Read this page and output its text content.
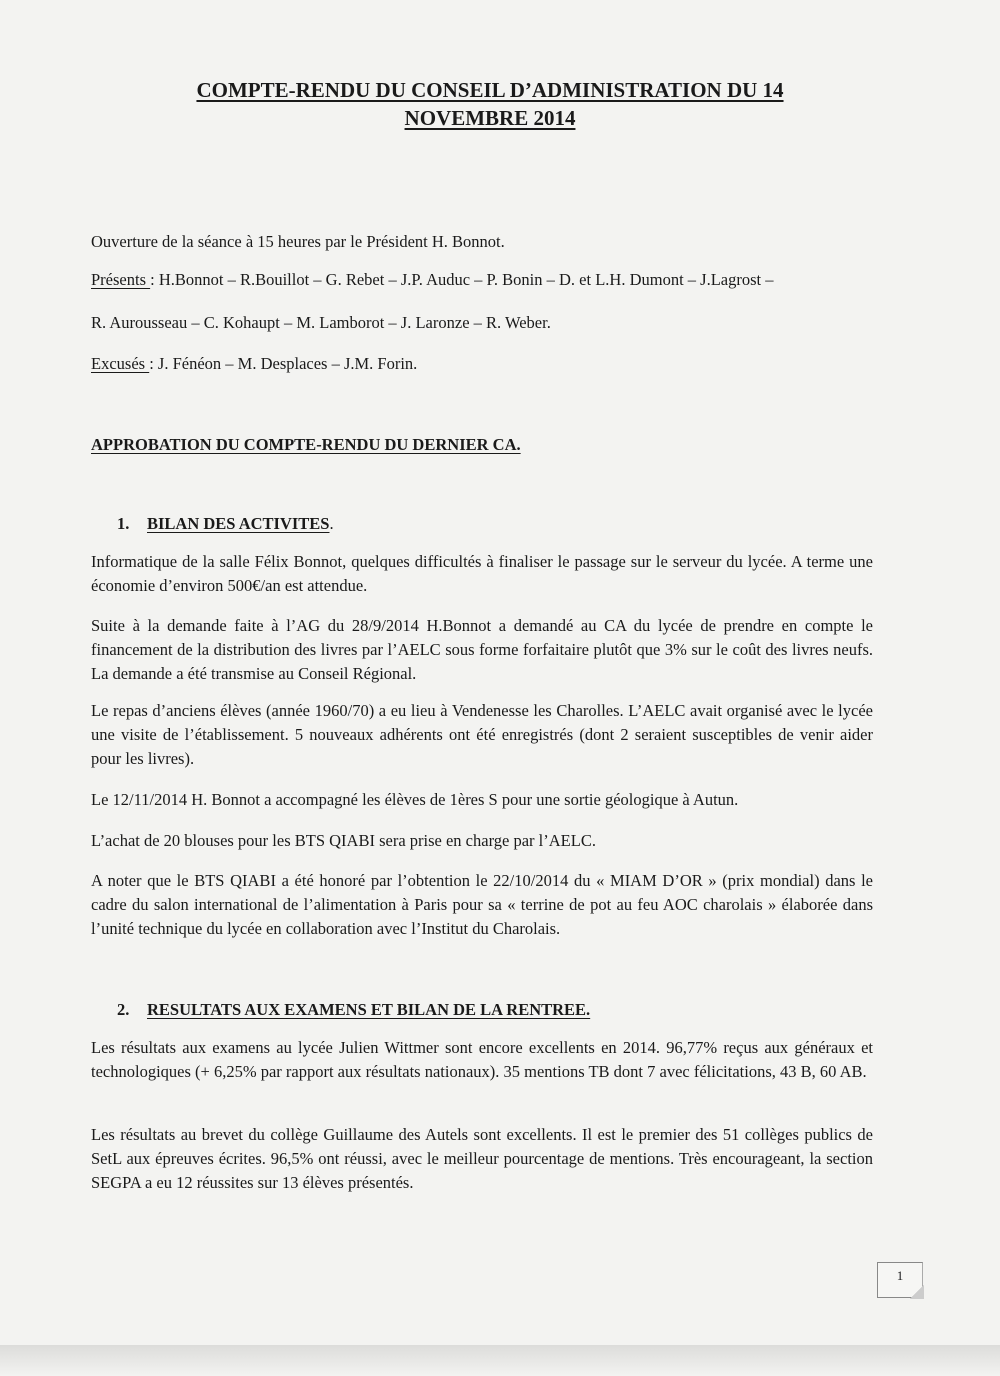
COMPTE-RENDU DU CONSEIL D’ADMINISTRATION DU 14
NOVEMBRE 2014

Ouverture de la séance à 15 heures par le Président H. Bonnot.

Présents : H.Bonnot – R.Bouillot – G. Rebet – J.P. Auduc – P. Bonin – D. et L.H. Dumont – J.Lagrost –

R. Aurousseau – C. Kohaupt – M. Lamborot – J. Laronze – R. Weber.

Excusés : J. Fénéon – M. Desplaces – J.M. Forin.

APPROBATION DU COMPTE-RENDU DU DERNIER CA.

1. BILAN DES ACTIVITES.

Informatique de la salle Félix Bonnot, quelques difficultés à finaliser le passage sur le serveur du lycée. A terme une économie d’environ 500€/an est attendue.

Suite à la demande faite à l’AG du 28/9/2014 H.Bonnot a demandé au CA du lycée de prendre en compte le financement de la distribution des livres par l’AELC sous forme forfaitaire plutôt que 3% sur le coût des livres neufs. La demande a été transmise au Conseil Régional.

Le repas d’anciens élèves (année 1960/70) a eu lieu à Vendenesse les Charolles. L’AELC avait organisé avec le lycée une visite de l’établissement. 5 nouveaux adhérents ont été enregistrés (dont 2 seraient susceptibles de venir aider pour les livres).

Le 12/11/2014 H. Bonnot a accompagné les élèves de 1ères S pour une sortie géologique à Autun.

L’achat de 20 blouses pour les BTS QIABI sera prise en charge par l’AELC.

A noter que le BTS QIABI a été honoré par l’obtention le 22/10/2014 du « MIAM D’OR » (prix mondial) dans le cadre du salon international de l’alimentation à Paris pour sa « terrine de pot au feu AOC charolais » élaborée dans l’unité technique du lycée en collaboration avec l’Institut du Charolais.

2. RESULTATS AUX EXAMENS ET BILAN DE LA RENTREE.

Les résultats aux examens au lycée Julien Wittmer sont encore excellents en 2014. 96,77% reçus aux généraux et technologiques (+ 6,25% par rapport aux résultats nationaux). 35 mentions TB dont 7 avec félicitations, 43 B, 60 AB.

Les résultats au brevet du collège Guillaume des Autels sont excellents. Il est le premier des 51 collèges publics de SetL aux épreuves écrites. 96,5% ont réussi, avec le meilleur pourcentage de mentions. Très encourageant, la section SEGPA a eu 12 réussites sur 13 élèves présentés.

1
